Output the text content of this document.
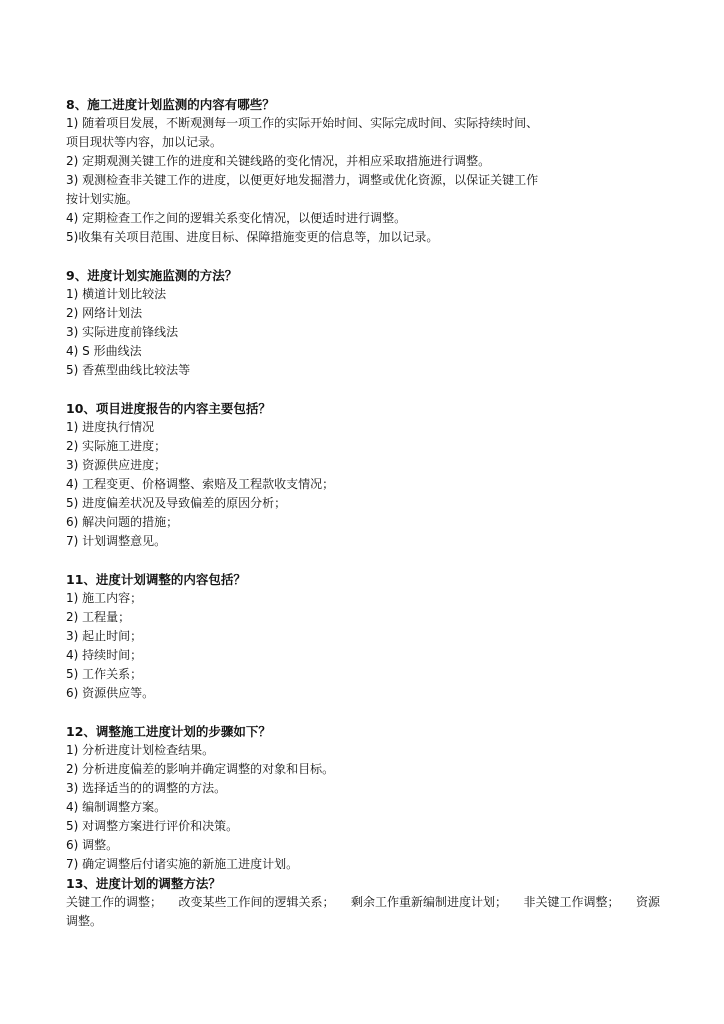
8、施工进度计划监测的内容有哪些？
1) 随着项目发展，不断观测每一项工作的实际开始时间、实际完成时间、实际持续时间、
项目现状等内容，加以记录。
2) 定期观测关键工作的进度和关键线路的变化情况，并相应采取措施进行调整。
3) 观测检查非关键工作的进度，以便更好地发掘潜力，调整或优化资源，以保证关键工作
按计划实施。
4) 定期检查工作之间的逻辑关系变化情况，以便适时进行调整。
5)收集有关项目范围、进度目标、保障措施变更的信息等，加以记录。
9、进度计划实施监测的方法？
1) 横道计划比较法
2) 网络计划法
3) 实际进度前锋线法
4) S 形曲线法
5) 香蕉型曲线比较法等
10、项目进度报告的内容主要包括？
1) 进度执行情况
2) 实际施工进度；
3) 资源供应进度；
4) 工程变更、价格调整、索赔及工程款收支情况；
5) 进度偏差状况及导致偏差的原因分析；
6) 解决问题的措施；
7) 计划调整意见。
11、进度计划调整的内容包括？
1) 施工内容；
2) 工程量；
3) 起止时间；
4) 持续时间；
5) 工作关系；
6) 资源供应等。
12、调整施工进度计划的步骤如下？
1) 分析进度计划检查结果。
2) 分析进度偏差的影响并确定调整的对象和目标。
3) 选择适当的的调整的方法。
4) 编制调整方案。
5) 对调整方案进行评价和决策。
6) 调整。
7) 确定调整后付诸实施的新施工进度计划。
13、进度计划的调整方法？
关键工作的调整； 改变某些工作间的逻辑关系； 剩余工作重新编制进度计划； 非关键工作调整； 资源
调整。
